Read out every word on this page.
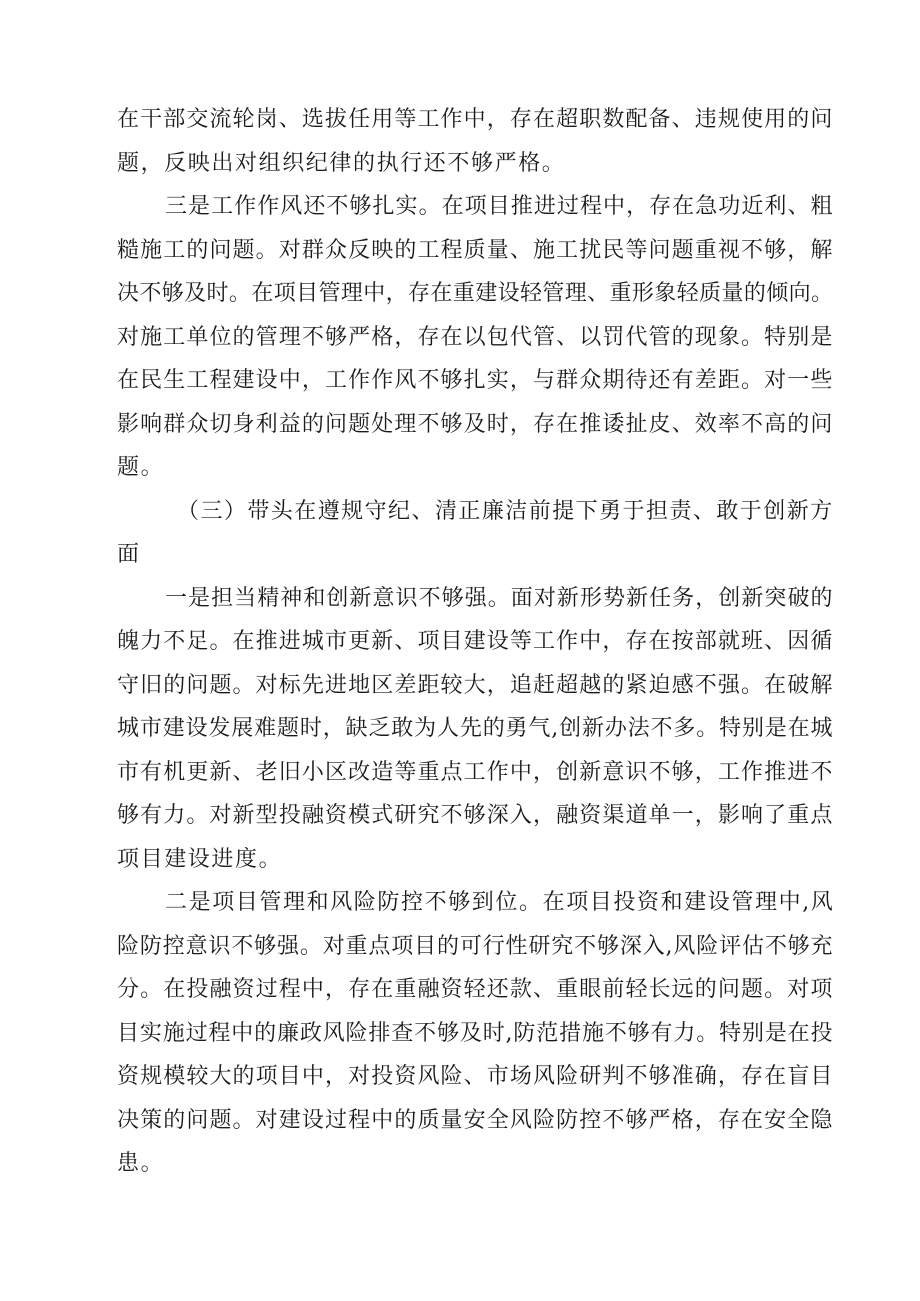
在干部交流轮岗、选拔任用等工作中，存在超职数配备、违规使用的问
题，反映出对组织纪律的执行还不够严格。
三是工作作风还不够扎实。在项目推进过程中，存在急功近利、粗
糙施工的问题。对群众反映的工程质量、施工扰民等问题重视不够，解
决不够及时。在项目管理中，存在重建设轻管理、重形象轻质量的倾向。
对施工单位的管理不够严格，存在以包代管、以罚代管的现象。特别是
在民生工程建设中，工作作风不够扎实，与群众期待还有差距。对一些
影响群众切身利益的问题处理不够及时，存在推诿扯皮、效率不高的问
题。
（三）带头在遵规守纪、清正廉洁前提下勇于担责、敢于创新方
面
一是担当精神和创新意识不够强。面对新形势新任务，创新突破的
魄力不足。在推进城市更新、项目建设等工作中，存在按部就班、因循
守旧的问题。对标先进地区差距较大，追赶超越的紧迫感不强。在破解
城市建设发展难题时，缺乏敢为人先的勇气,创新办法不多。特别是在城
市有机更新、老旧小区改造等重点工作中，创新意识不够，工作推进不
够有力。对新型投融资模式研究不够深入，融资渠道单一，影响了重点
项目建设进度。
二是项目管理和风险防控不够到位。在项目投资和建设管理中,风
险防控意识不够强。对重点项目的可行性研究不够深入,风险评估不够充
分。在投融资过程中，存在重融资轻还款、重眼前轻长远的问题。对项
目实施过程中的廉政风险排查不够及时,防范措施不够有力。特别是在投
资规模较大的项目中，对投资风险、市场风险研判不够准确，存在盲目
决策的问题。对建设过程中的质量安全风险防控不够严格，存在安全隐
患。
